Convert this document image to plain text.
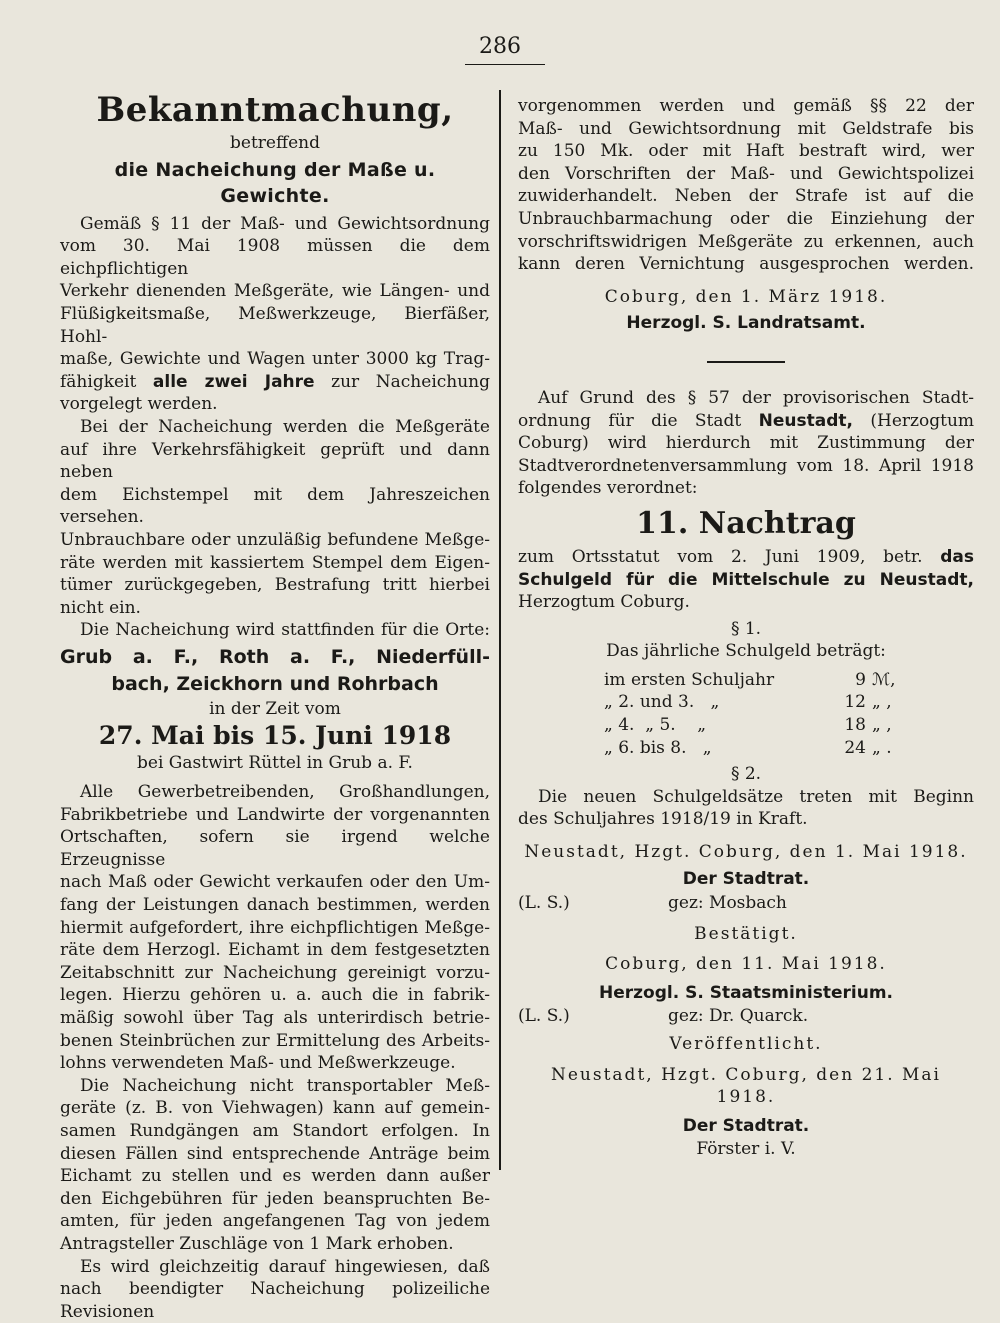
286

Bekanntmachung,

betreffend

die Nacheichung der Maße u. Gewichte.

Gemäß § 11 der Maß- und Gewichtsordnung

vom 30. Mai 1908 müssen die dem eichpflichtigen

Verkehr dienenden Meßgeräte, wie Längen- und

Flüßigkeitsmaße, Meßwerkzeuge, Bierfäßer, Hohl-

maße, Gewichte und Wagen unter 3000 kg Trag-

fähigkeit alle zwei Jahre zur Nacheichung

vorgelegt werden.

Bei der Nacheichung werden die Meßgeräte

auf ihre Verkehrsfähigkeit geprüft und dann neben

dem Eichstempel mit dem Jahreszeichen versehen.

Unbrauchbare oder unzuläßig befundene Meßge-

räte werden mit kassiertem Stempel dem Eigen-

tümer zurückgegeben, Bestrafung tritt hierbei

nicht ein.

Die Nacheichung wird stattfinden für die Orte:

Grub a. F., Roth a. F., Niederfüll-
bach, Zeickhorn und Rohrbach

in der Zeit vom

27. Mai bis 15. Juni 1918

bei Gastwirt Rüttel in Grub a. F.

Alle Gewerbetreibenden, Großhandlungen,

Fabrikbetriebe und Landwirte der vorgenannten

Ortschaften, sofern sie irgend welche Erzeugnisse

nach Maß oder Gewicht verkaufen oder den Um-

fang der Leistungen danach bestimmen, werden

hiermit aufgefordert, ihre eichpflichtigen Meßge-

räte dem Herzogl. Eichamt in dem festgesetzten

Zeitabschnitt zur Nacheichung gereinigt vorzu-

legen. Hierzu gehören u. a. auch die in fabrik-

mäßig sowohl über Tag als unterirdisch betrie-

benen Steinbrüchen zur Ermittelung des Arbeits-

lohns verwendeten Maß- und Meßwerkzeuge.

Die Nacheichung nicht transportabler Meß-

geräte (z. B. von Viehwagen) kann auf gemein-

samen Rundgängen am Standort erfolgen. In

diesen Fällen sind entsprechende Anträge beim

Eichamt zu stellen und es werden dann außer

den Eichgebühren für jeden beanspruchten Be-

amten, für jeden angefangenen Tag von jedem

Antragsteller Zuschläge von 1 Mark erhoben.

Es wird gleichzeitig darauf hingewiesen, daß

nach beendigter Nacheichung polizeiliche Revisionen

vorgenommen werden und gemäß §§ 22 der

Maß- und Gewichtsordnung mit Geldstrafe bis

zu 150 Mk. oder mit Haft bestraft wird, wer

den Vorschriften der Maß- und Gewichtspolizei

zuwiderhandelt. Neben der Strafe ist auf die

Unbrauchbarmachung oder die Einziehung der

vorschriftswidrigen Meßgeräte zu erkennen, auch

kann deren Vernichtung ausgesprochen werden.

Coburg, den 1. März 1918.

Herzogl. S. Landratsamt.

Auf Grund des § 57 der provisorischen Stadt-

ordnung für die Stadt Neustadt, (Herzogtum

Coburg) wird hierdurch mit Zustimmung der

Stadtverordnetenversammlung vom 18. April 1918

folgendes verordnet:

11. Nachtrag

zum Ortsstatut vom 2. Juni 1909, betr. das

Schulgeld für die Mittelschule zu Neustadt,

Herzogtum Coburg.

§ 1.

Das jährliche Schulgeld beträgt:

im ersten Schuljahr	9 ℳ,
„ 2. und 3.   „	12 „ ,
„ 4.  „ 5.    „	18 „ ,
„ 6. bis 8.   „	24 „ .

§ 2.

Die neuen Schulgeldsätze treten mit Beginn

des Schuljahres 1918/19 in Kraft.

Neustadt, Hzgt. Coburg, den 1. Mai 1918.

Der Stadtrat.

(L. S.)	gez: Mosbach

Bestätigt.

Coburg, den 11. Mai 1918.

Herzogl. S. Staatsministerium.

(L. S.)	gez: Dr. Quarck.

Veröffentlicht.

Neustadt, Hzgt. Coburg, den 21. Mai 1918.

Der Stadtrat.

Förster i. V.
